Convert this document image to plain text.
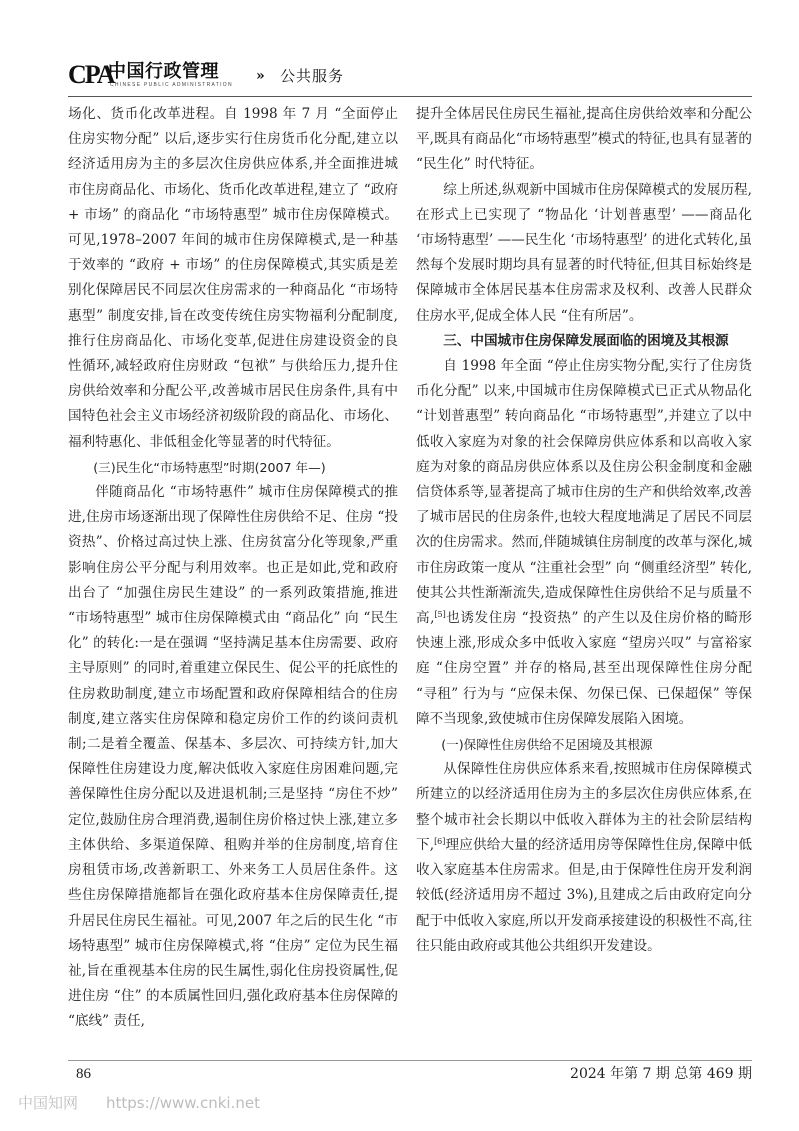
CPA
中国行政管理
CHINESE PUBLIC ADMINISTRATION
» 公共服务

场化、货币化改革进程。自 1998 年 7 月 “全面停止住房实物分配” 以后,逐步实行住房货币化分配,建立以经济适用房为主的多层次住房供应体系,并全面推进城市住房商品化、市场化、货币化改革进程,建立了 “政府 + 市场” 的商品化 “市场特惠型” 城市住房保障模式。可见,1978–2007 年间的城市住房保障模式,是一种基于效率的 “政府 + 市场” 的住房保障模式,其实质是差别化保障居民不同层次住房需求的一种商品化 “市场特惠型” 制度安排,旨在改变传统住房实物福利分配制度,推行住房商品化、市场化变革,促进住房建设资金的良性循环,减轻政府住房财政 “包袱” 与供给压力,提升住房供给效率和分配公平,改善城市居民住房条件,具有中国特色社会主义市场经济初级阶段的商品化、市场化、福利特惠化、非低租金化等显著的时代特征。

(三)民生化“市场特惠型”时期(2007 年—)

伴随商品化 “市场特惠件” 城市住房保障模式的推进,住房市场逐渐出现了保障性住房供给不足、住房 “投资热”、价格过高过快上涨、住房贫富分化等现象,严重影响住房公平分配与利用效率。也正是如此,党和政府出台了 “加强住房民生建设” 的一系列政策措施,推进 “市场特惠型” 城市住房保障模式由 “商品化” 向 “民生化” 的转化:一是在强调 “坚持满足基本住房需要、政府主导原则” 的同时,着重建立保民生、促公平的托底性的住房救助制度,建立市场配置和政府保障相结合的住房制度,建立落实住房保障和稳定房价工作的约谈问责机制;二是着全覆盖、保基本、多层次、可持续方针,加大保障性住房建设力度,解决低收入家庭住房困难问题,完善保障性住房分配以及进退机制;三是坚持 “房住不炒” 定位,鼓励住房合理消费,遏制住房价格过快上涨,建立多主体供给、多渠道保障、租购并举的住房制度,培育住房租赁市场,改善新职工、外来务工人员居住条件。这些住房保障措施都旨在强化政府基本住房保障责任,提升居民住房民生福祉。可见,2007 年之后的民生化 “市场特惠型” 城市住房保障模式,将 “住房” 定位为民生福祉,旨在重视基本住房的民生属性,弱化住房投资属性,促进住房 “住” 的本质属性回归,强化政府基本住房保障的 “底线” 责任,

提升全体居民住房民生福祉,提高住房供给效率和分配公平,既具有商品化“市场特惠型”模式的特征,也具有显著的 “民生化” 时代特征。

综上所述,纵观新中国城市住房保障模式的发展历程,在形式上已实现了 “物品化 ‘计划普惠型’ ——商品化 ‘市场特惠型’ ——民生化 ‘市场特惠型’ 的进化式转化,虽然每个发展时期均具有显著的时代特征,但其目标始终是保障城市全体居民基本住房需求及权利、改善人民群众住房水平,促成全体人民 “住有所居”。

三、中国城市住房保障发展面临的困境及其根源

自 1998 年全面 “停止住房实物分配,实行了住房货币化分配” 以来,中国城市住房保障模式已正式从物品化 “计划普惠型” 转向商品化 “市场特惠型”,并建立了以中低收入家庭为对象的社会保障房供应体系和以高收入家庭为对象的商品房供应体系以及住房公积金制度和金融信贷体系等,显著提高了城市住房的生产和供给效率,改善了城市居民的住房条件,也较大程度地满足了居民不同层次的住房需求。然而,伴随城镇住房制度的改革与深化,城市住房政策一度从 “注重社会型” 向 “侧重经济型” 转化,使其公共性渐渐流失,造成保障性住房供给不足与质量不高,[5]也诱发住房 “投资热” 的产生以及住房价格的畸形快速上涨,形成众多中低收入家庭 “望房兴叹” 与富裕家庭 “住房空置” 并存的格局,甚至出现保障性住房分配 “寻租” 行为与 “应保未保、勿保已保、已保超保” 等保障不当现象,致使城市住房保障发展陷入困境。

(一)保障性住房供给不足困境及其根源

从保障性住房供应体系来看,按照城市住房保障模式所建立的以经济适用住房为主的多层次住房供应体系,在整个城市社会长期以中低收入群体为主的社会阶层结构下,[6]理应供给大量的经济适用房等保障性住房,保障中低收入家庭基本住房需求。但是,由于保障性住房开发利润较低(经济适用房不超过 3%),且建成之后由政府定向分配于中低收入家庭,所以开发商承接建设的积极性不高,往往只能由政府或其他公共组织开发建设。

86	2024 年第 7 期 总第 469 期
中国知网 https://www.cnki.net
